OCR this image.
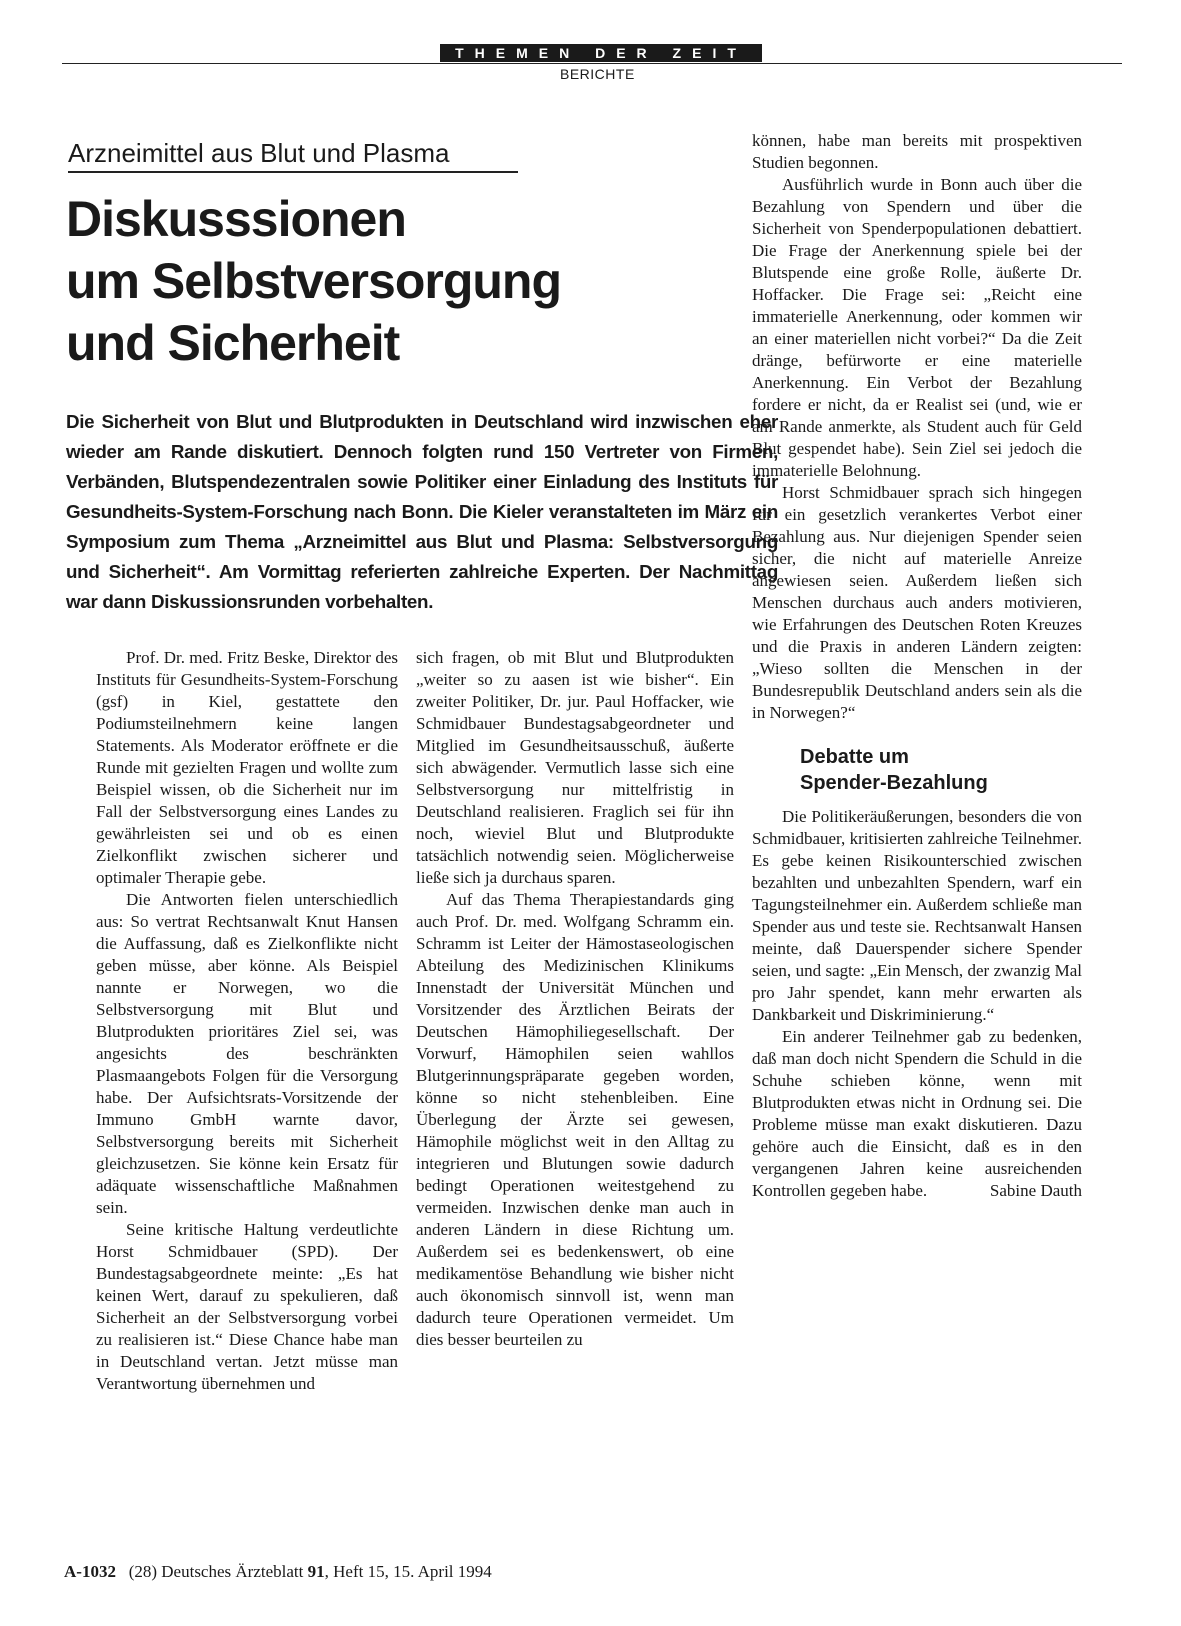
THEMEN DER ZEIT
BERICHTE
Arzneimittel aus Blut und Plasma
Diskusssionen
um Selbstversorgung
und Sicherheit

Die Sicherheit von Blut und Blutprodukten in Deutschland wird inzwischen eher wieder am Rande diskutiert. Dennoch folgten rund 150 Vertreter von Firmen, Verbänden, Blutspendezentralen sowie Politiker einer Einladung des Instituts für Gesundheits-System-Forschung nach Bonn. Die Kieler veranstalteten im März ein Symposium zum Thema „Arzneimittel aus Blut und Plasma: Selbstversorgung und Sicherheit“. Am Vormittag referierten zahlreiche Experten. Der Nachmittag war dann Diskussionsrunden vorbehalten.

Prof. Dr. med. Fritz Beske, Direktor des Instituts für Gesundheits-System-Forschung (gsf) in Kiel, gestattete den Podiumsteilnehmern keine langen Statements. Als Moderator eröffnete er die Runde mit gezielten Fragen und wollte zum Beispiel wissen, ob die Sicherheit nur im Fall der Selbstversorgung eines Landes zu gewährleisten sei und ob es einen Zielkonflikt zwischen sicherer und optimaler Therapie gebe.

Die Antworten fielen unterschiedlich aus: So vertrat Rechtsanwalt Knut Hansen die Auffassung, daß es Zielkonflikte nicht geben müsse, aber könne. Als Beispiel nannte er Norwegen, wo die Selbstversorgung mit Blut und Blutprodukten prioritäres Ziel sei, was angesichts des beschränkten Plasmaangebots Folgen für die Versorgung habe. Der Aufsichtsrats-Vorsitzende der Immuno GmbH warnte davor, Selbstversorgung bereits mit Sicherheit gleichzusetzen. Sie könne kein Ersatz für adäquate wissenschaftliche Maßnahmen sein.

Seine kritische Haltung verdeutlichte Horst Schmidbauer (SPD). Der Bundestagsabgeordnete meinte: „Es hat keinen Wert, darauf zu spekulieren, daß Sicherheit an der Selbstversorgung vorbei zu realisieren ist.“ Diese Chance habe man in Deutschland vertan. Jetzt müsse man Verantwortung übernehmen und

sich fragen, ob mit Blut und Blutprodukten „weiter so zu aasen ist wie bisher“. Ein zweiter Politiker, Dr. jur. Paul Hoffacker, wie Schmidbauer Bundestagsabgeordneter und Mitglied im Gesundheitsausschuß, äußerte sich abwägender. Vermutlich lasse sich eine Selbstversorgung nur mittelfristig in Deutschland realisieren. Fraglich sei für ihn noch, wieviel Blut und Blutprodukte tatsächlich notwendig seien. Möglicherweise ließe sich ja durchaus sparen.

Auf das Thema Therapiestandards ging auch Prof. Dr. med. Wolfgang Schramm ein. Schramm ist Leiter der Hämostaseologischen Abteilung des Medizinischen Klinikums Innenstadt der Universität München und Vorsitzender des Ärztlichen Beirats der Deutschen Hämophiliegesellschaft. Der Vorwurf, Hämophilen seien wahllos Blutgerinnungspräparate gegeben worden, könne so nicht stehenbleiben. Eine Überlegung der Ärzte sei gewesen, Hämophile möglichst weit in den Alltag zu integrieren und Blutungen sowie dadurch bedingt Operationen weitestgehend zu vermeiden. Inzwischen denke man auch in anderen Ländern in diese Richtung um. Außerdem sei es bedenkenswert, ob eine medikamentöse Behandlung wie bisher nicht auch ökonomisch sinnvoll ist, wenn man dadurch teure Operationen vermeidet. Um dies besser beurteilen zu

können, habe man bereits mit prospektiven Studien begonnen.

Ausführlich wurde in Bonn auch über die Bezahlung von Spendern und über die Sicherheit von Spenderpopulationen debattiert. Die Frage der Anerkennung spiele bei der Blutspende eine große Rolle, äußerte Dr. Hoffacker. Die Frage sei: „Reicht eine immaterielle Anerkennung, oder kommen wir an einer materiellen nicht vorbei?“ Da die Zeit dränge, befürworte er eine materielle Anerkennung. Ein Verbot der Bezahlung fordere er nicht, da er Realist sei (und, wie er am Rande anmerkte, als Student auch für Geld Blut gespendet habe). Sein Ziel sei jedoch die immaterielle Belohnung.

Horst Schmidbauer sprach sich hingegen für ein gesetzlich verankertes Verbot einer Bezahlung aus. Nur diejenigen Spender seien sicher, die nicht auf materielle Anreize angewiesen seien. Außerdem ließen sich Menschen durchaus auch anders motivieren, wie Erfahrungen des Deutschen Roten Kreuzes und die Praxis in anderen Ländern zeigten: „Wieso sollten die Menschen in der Bundesrepublik Deutschland anders sein als die in Norwegen?“

Debatte um
Spender-Bezahlung

Die Politikeräußerungen, besonders die von Schmidbauer, kritisierten zahlreiche Teilnehmer. Es gebe keinen Risikounterschied zwischen bezahlten und unbezahlten Spendern, warf ein Tagungsteilnehmer ein. Außerdem schließe man Spender aus und teste sie. Rechtsanwalt Hansen meinte, daß Dauerspender sichere Spender seien, und sagte: „Ein Mensch, der zwanzig Mal pro Jahr spendet, kann mehr erwarten als Dankbarkeit und Diskriminierung.“

Ein anderer Teilnehmer gab zu bedenken, daß man doch nicht Spendern die Schuld in die Schuhe schieben könne, wenn mit Blutprodukten etwas nicht in Ordnung sei. Die Probleme müsse man exakt diskutieren. Dazu gehöre auch die Einsicht, daß es in den vergangenen Jahren keine ausreichenden Kontrollen gegeben habe.	Sabine Dauth

A-1032 (28) Deutsches Ärzteblatt 91, Heft 15, 15. April 1994
